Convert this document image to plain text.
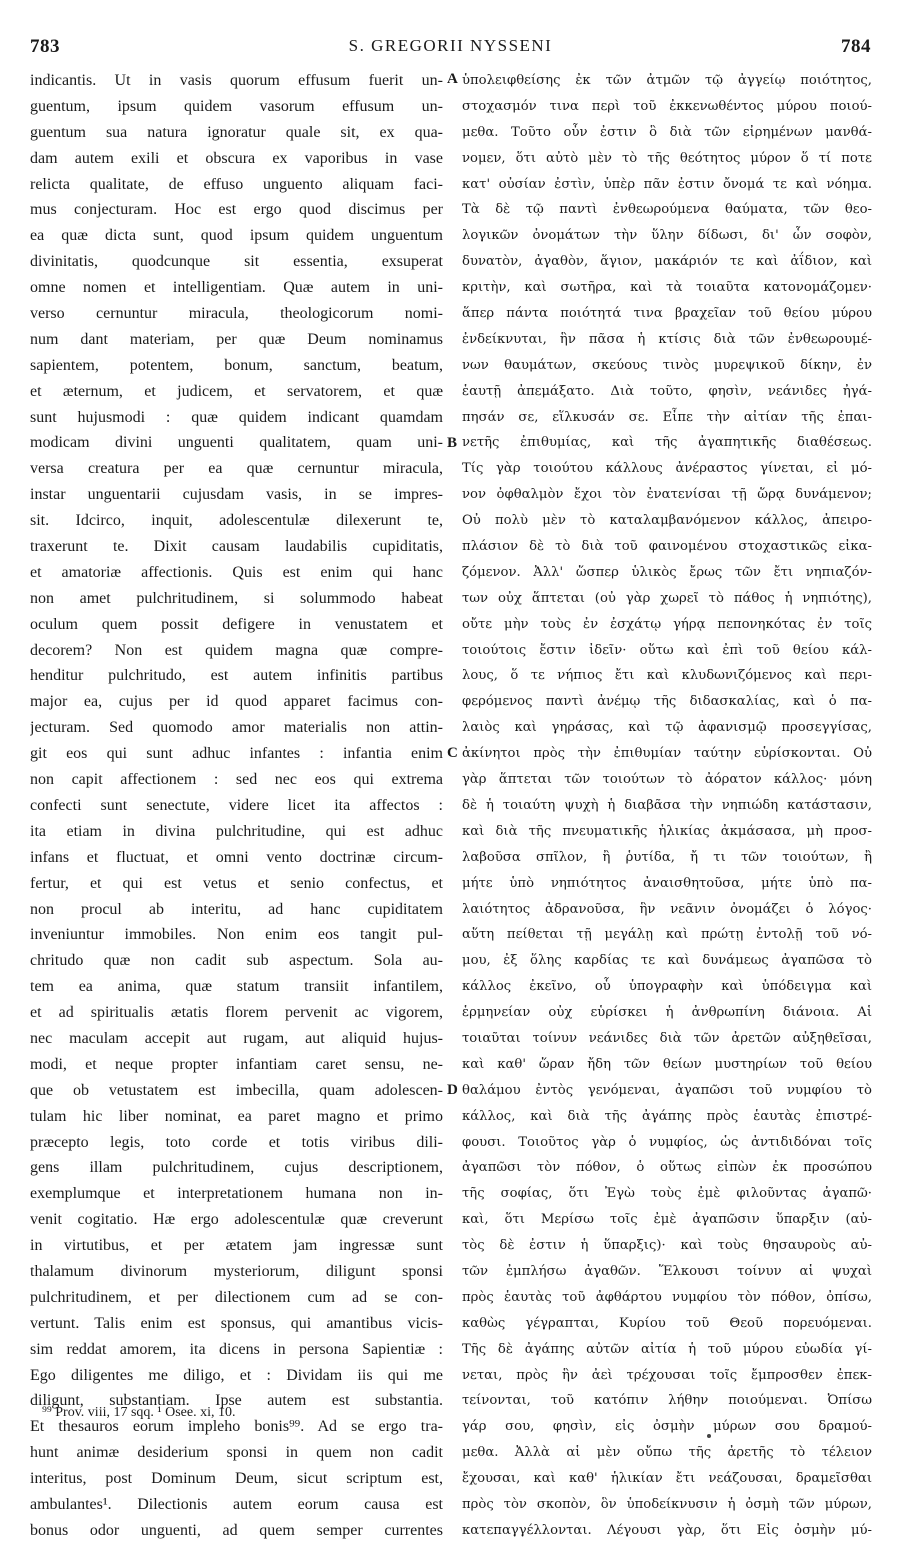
783	S. GREGORII NYSSENI	784
indicantis. Ut in vasis quorum effusum fuerit un-
guentum, ipsum quidem vasorum effusum un-
guentum sua natura ignoratur quale sit, ex qua-
dam autem exili et obscura ex vaporibus in vase
relicta qualitate, de effuso unguento aliquam faci-
mus conjecturam. Hoc est ergo quod discimus per
ea quæ dicta sunt, quod ipsum quidem unguentum
divinitatis, quodcunque sit essentia, exsuperat
omne nomen et intelligentiam. Quæ autem in uni-
verso cernuntur miracula, theologicorum nomi-
num dant materiam, per quæ Deum nominamus
sapientem, potentem, bonum, sanctum, beatum,
et æternum, et judicem, et servatorem, et quæ
sunt hujusmodi : quæ quidem indicant quamdam
modicam divini unguenti qualitatem, quam uni-
versa creatura per ea quæ cernuntur miracula,
instar unguentarii cujusdam vasis, in se impres-
sit. Idcirco, inquit, adolescentulæ dilexerunt te,
traxerunt te. Dixit causam laudabilis cupiditatis,
et amatoriæ affectionis. Quis est enim qui hanc
non amet pulchritudinem, si solummodo habeat
oculum quem possit defigere in venustatem et
decorem? Non est quidem magna quæ compre-
henditur pulchritudo, est autem infinitis partibus
major ea, cujus per id quod apparet facimus con-
jecturam. Sed quomodo amor materialis non attin-
git eos qui sunt adhuc infantes : infantia enim
non capit affectionem : sed nec eos qui extrema
confecti sunt senectute, videre licet ita affectos :
ita etiam in divina pulchritudine, qui est adhuc
infans et fluctuat, et omni vento doctrinæ circum-
fertur, et qui est vetus et senio confectus, et
non procul ab interitu, ad hanc cupiditatem
inveniuntur immobiles. Non enim eos tangit pul-
chritudo quæ non cadit sub aspectum. Sola au-
tem ea anima, quæ statum transiit infantilem,
et ad spiritualis ætatis florem pervenit ac vigorem,
nec maculam accepit aut rugam, aut aliquid hujus-
modi, et neque propter infantiam caret sensu, ne-
que ob vetustatem est imbecilla, quam adolescen-
tulam hic liber nominat, ea paret magno et primo
præcepto legis, toto corde et totis viribus dili-
gens illam pulchritudinem, cujus descriptionem,
exemplumque et interpretationem humana non in-
venit cogitatio. Hæ ergo adolescentulæ quæ creverunt
in virtutibus, et per ætatem jam ingressæ sunt
thalamum divinorum mysteriorum, diligunt sponsi
pulchritudinem, et per dilectionem cum ad se con-
vertunt. Talis enim est sponsus, qui amantibus vicis-
sim reddat amorem, ita dicens in persona Sapientiæ :
Ego diligentes me diligo, et : Dividam iis qui me
diligunt, substantiam. Ipse autem est substantia.
Et thesauros eorum impleho bonis⁹⁹. Ad se ergo tra-
hunt animæ desiderium sponsi in quem non cadit
interitus, post Dominum Deum, sicut scriptum est,
ambulantes¹. Dilectionis autem eorum causa est
bonus odor unguenti, ad quem semper currentes
ὑπολειφθείσης ἐκ τῶν ἀτμῶν τῷ ἀγγείῳ ποιότητος,
στοχασμόν τινα περὶ τοῦ ἐκκενωθέντος μύρου ποιού-
μεθα. Τοῦτο οὖν ἐστιν ὃ διὰ τῶν εἰρημένων μανθά-
νομεν, ὅτι αὐτὸ μὲν τὸ τῆς θεότητος μύρον ὅ τί ποτε
κατ' οὐσίαν ἐστὶν, ὑπὲρ πᾶν ἐστιν ὄνομά τε καὶ νόημα.
Τὰ δὲ τῷ παντὶ ἐνθεωρούμενα θαύματα, τῶν θεο-
λογικῶν ὀνομάτων τὴν ὕλην δίδωσι, δι' ὧν σοφὸν,
δυνατὸν, ἀγαθὸν, ἅγιον, μακάριόν τε καὶ ἀΐδιον, καὶ
κριτὴν, καὶ σωτῆρα, καὶ τὰ τοιαῦτα κατονομάζομεν·
ἅπερ πάντα ποιότητά τινα βραχεῖαν τοῦ θείου μύρου
ἐνδείκνυται, ἣν πᾶσα ἡ κτίσις διὰ τῶν ἐνθεωρουμέ-
νων θαυμάτων, σκεύους τινὸς μυρεψικοῦ δίκην, ἐν
ἑαυτῇ ἀπεμάξατο. Διὰ τοῦτο, φησὶν, νεάνιδες ἠγά-
πησάν σε, εἵλκυσάν σε. Εἶπε τὴν αἰτίαν τῆς ἐπαι-
νετῆς ἐπιθυμίας, καὶ τῆς ἀγαπητικῆς διαθέσεως.
Τίς γὰρ τοιούτου κάλλους ἀνέραστος γίνεται, εἰ μό-
νον ὀφθαλμὸν ἔχοι τὸν ἐνατενίσαι τῇ ὥρᾳ δυνάμενον;
Οὐ πολὺ μὲν τὸ καταλαμβανόμενον κάλλος, ἀπειρο-
πλάσιον δὲ τὸ διὰ τοῦ φαινομένου στοχαστικῶς εἰκα-
ζόμενον. Ἀλλ' ὥσπερ ὑλικὸς ἔρως τῶν ἔτι νηπιαζόν-
των οὐχ ἅπτεται (οὐ γὰρ χωρεῖ τὸ πάθος ἡ νηπιότης),
οὔτε μὴν τοὺς ἐν ἐσχάτῳ γήρᾳ πεπονηκότας ἐν τοῖς
τοιούτοις ἔστιν ἰδεῖν· οὕτω καὶ ἐπὶ τοῦ θείου κάλ-
λους, ὅ τε νήπιος ἔτι καὶ κλυδωνιζόμενος καὶ περι-
φερόμενος παντὶ ἀνέμῳ τῆς διδασκαλίας, καὶ ὁ πα-
λαιὸς καὶ γηράσας, καὶ τῷ ἀφανισμῷ προσεγγίσας,
ἀκίνητοι πρὸς τὴν ἐπιθυμίαν ταύτην εὑρίσκονται. Οὐ
γὰρ ἅπτεται τῶν τοιούτων τὸ ἀόρατον κάλλος· μόνη
δὲ ἡ τοιαύτη ψυχὴ ἡ διαβᾶσα τὴν νηπιώδη κατάστασιν,
καὶ διὰ τῆς πνευματικῆς ἡλικίας ἀκμάσασα, μὴ προσ-
λαβοῦσα σπῖλον, ἢ ῥυτίδα, ἤ τι τῶν τοιούτων, ἢ
μήτε ὑπὸ νηπιότητος ἀναισθητοῦσα, μήτε ὑπὸ πα-
λαιότητος ἀδρανοῦσα, ἣν νεᾶνιν ὀνομάζει ὁ λόγος·
αὕτη πείθεται τῇ μεγάλῃ καὶ πρώτῃ ἐντολῇ τοῦ νό-
μου, ἐξ ὅλης καρδίας τε καὶ δυνάμεως ἀγαπῶσα τὸ
κάλλος ἐκεῖνο, οὗ ὑπογραφὴν καὶ ὑπόδειγμα καὶ
ἑρμηνείαν οὐχ εὑρίσκει ἡ ἀνθρωπίνη διάνοια. Αἱ
τοιαῦται τοίνυν νεάνιδες διὰ τῶν ἀρετῶν αὐξηθεῖσαι,
καὶ καθ' ὥραν ἤδη τῶν θείων μυστηρίων τοῦ θείου
θαλάμου ἐντὸς γενόμεναι, ἀγαπῶσι τοῦ νυμφίου τὸ
κάλλος, καὶ διὰ τῆς ἀγάπης πρὸς ἑαυτὰς ἐπιστρέ-
φουσι. Τοιοῦτος γὰρ ὁ νυμφίος, ὡς ἀντιδιδόναι τοῖς
ἀγαπῶσι τὸν πόθον, ὁ οὕτως εἰπὼν ἐκ προσώπου
τῆς σοφίας, ὅτι Ἐγὼ τοὺς ἐμὲ φιλοῦντας ἀγαπῶ·
καὶ, ὅτι Μερίσω τοῖς ἐμὲ ἀγαπῶσιν ὕπαρξιν (αὐ-
τὸς δὲ ἐστιν ἡ ὕπαρξις)· καὶ τοὺς θησαυροὺς αὐ-
τῶν ἐμπλήσω ἀγαθῶν. Ἕλκουσι τοίνυν αἱ ψυχαὶ
πρὸς ἑαυτὰς τοῦ ἀφθάρτου νυμφίου τὸν πόθον, ὀπίσω,
καθὼς γέγραπται, Κυρίου τοῦ Θεοῦ πορευόμεναι.
Τῆς δὲ ἀγάπης αὐτῶν αἰτία ἡ τοῦ μύρου εὐωδία γί-
νεται, πρὸς ἣν ἀεὶ τρέχουσαι τοῖς ἔμπροσθεν ἐπεκ-
τείνονται, τοῦ κατόπιν λήθην ποιούμεναι. Ὀπίσω
γάρ σου, φησὶν, εἰς ὀσμὴν μύρων σου δραμού-
μεθα. Ἀλλὰ αἱ μὲν οὔπω τῆς ἀρετῆς τὸ τέλειον
ἔχουσαι, καὶ καθ' ἡλικίαν ἔτι νεάζουσαι, δραμεῖσθαι
πρὸς τὸν σκοπὸν, ὃν ὑποδείκνυσιν ἡ ὀσμὴ τῶν μύρων,
κατεπαγγέλλονται. Λέγουσι γὰρ, ὅτι Εἰς ὀσμὴν μύ-
A
B
C
D
⁹⁹ Prov. viii, 17 sqq. ¹ Osee. xi, 10.
